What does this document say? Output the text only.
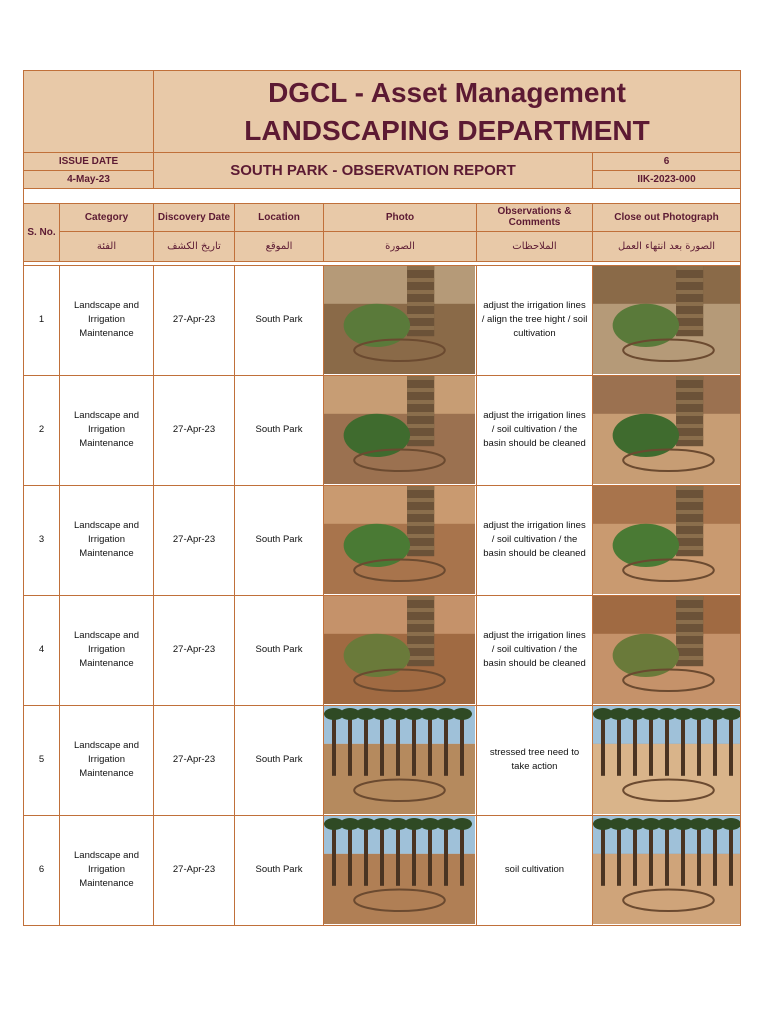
	DGCL - Asset Management
LANDSCAPING DEPARTMENT	

ISSUE DATE	SOUTH PARK - OBSERVATION REPORT	6
4-May-23		IIK-2023-000

S. No.	Category	Discovery Date	Location	Photo	Observations & Comments	Close out Photograph
	الفئة	تاريخ الكشف	الموقع	الصورة	الملاحظات	الصورة بعد انتهاء العمل

1	Landscape and Irrigation Maintenance	27-Apr-23	South Park		adjust the irrigation lines / align the tree hight / soil cultivation	

2	Landscape and Irrigation Maintenance	27-Apr-23	South Park		adjust the irrigation lines / soil cultivation / the basin should be cleaned	

3	Landscape and Irrigation Maintenance	27-Apr-23	South Park		adjust the irrigation lines / soil cultivation / the basin should be cleaned	

4	Landscape and Irrigation Maintenance	27-Apr-23	South Park		adjust the irrigation lines / soil cultivation / the basin should be cleaned	

5	Landscape and Irrigation Maintenance	27-Apr-23	South Park		stressed tree need to take action	

6	Landscape and Irrigation Maintenance	27-Apr-23	South Park		soil cultivation	
